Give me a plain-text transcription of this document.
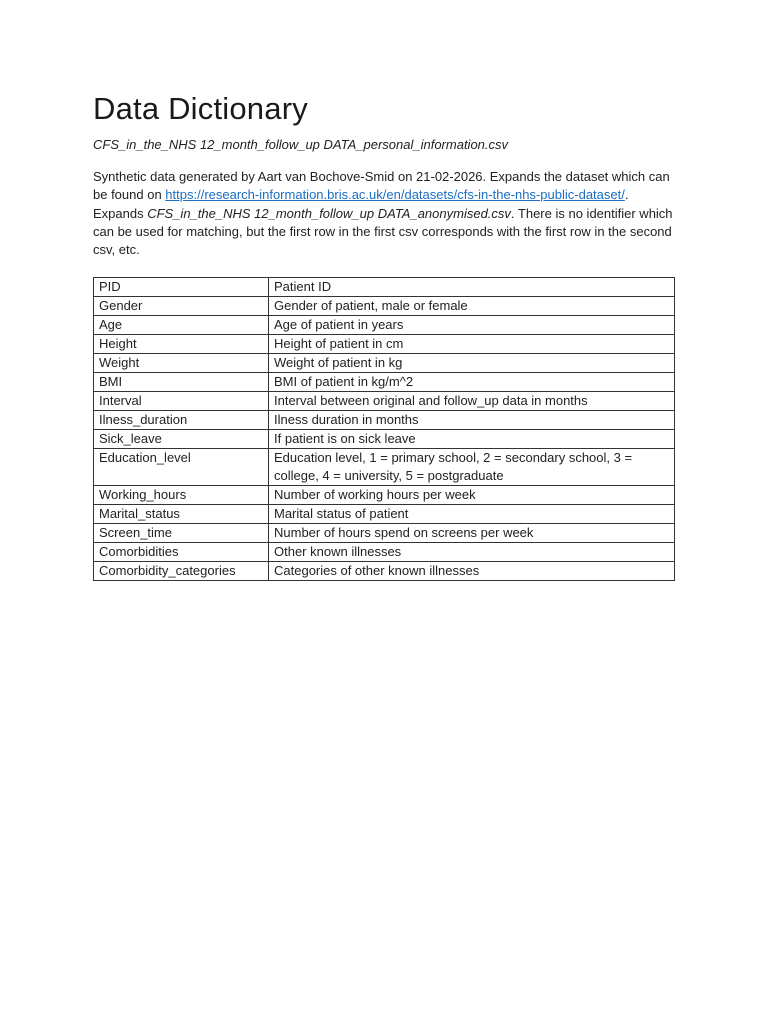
Data Dictionary

CFS_in_the_NHS 12_month_follow_up DATA_personal_information.csv

Synthetic data generated by Aart van Bochove-Smid on 21-02-2026. Expands the dataset which can be found on https://research-information.bris.ac.uk/en/datasets/cfs-in-the-nhs-public-dataset/. Expands CFS_in_the_NHS 12_month_follow_up DATA_anonymised.csv. There is no identifier which can be used for matching, but the first row in the first csv corresponds with the first row in the second csv, etc.

PID	Patient ID
Gender	Gender of patient, male or female
Age	Age of patient in years
Height	Height of patient in cm
Weight	Weight of patient in kg
BMI	BMI of patient in kg/m^2
Interval	Interval between original and follow_up data in months
Ilness_duration	Ilness duration in months
Sick_leave	If patient is on sick leave
Education_level	Education level, 1 = primary school, 2 = secondary school, 3 = college, 4 = university, 5 = postgraduate
Working_hours	Number of working hours per week
Marital_status	Marital status of patient
Screen_time	Number of hours spend on screens per week
Comorbidities	Other known illnesses
Comorbidity_categories	Categories of other known illnesses
